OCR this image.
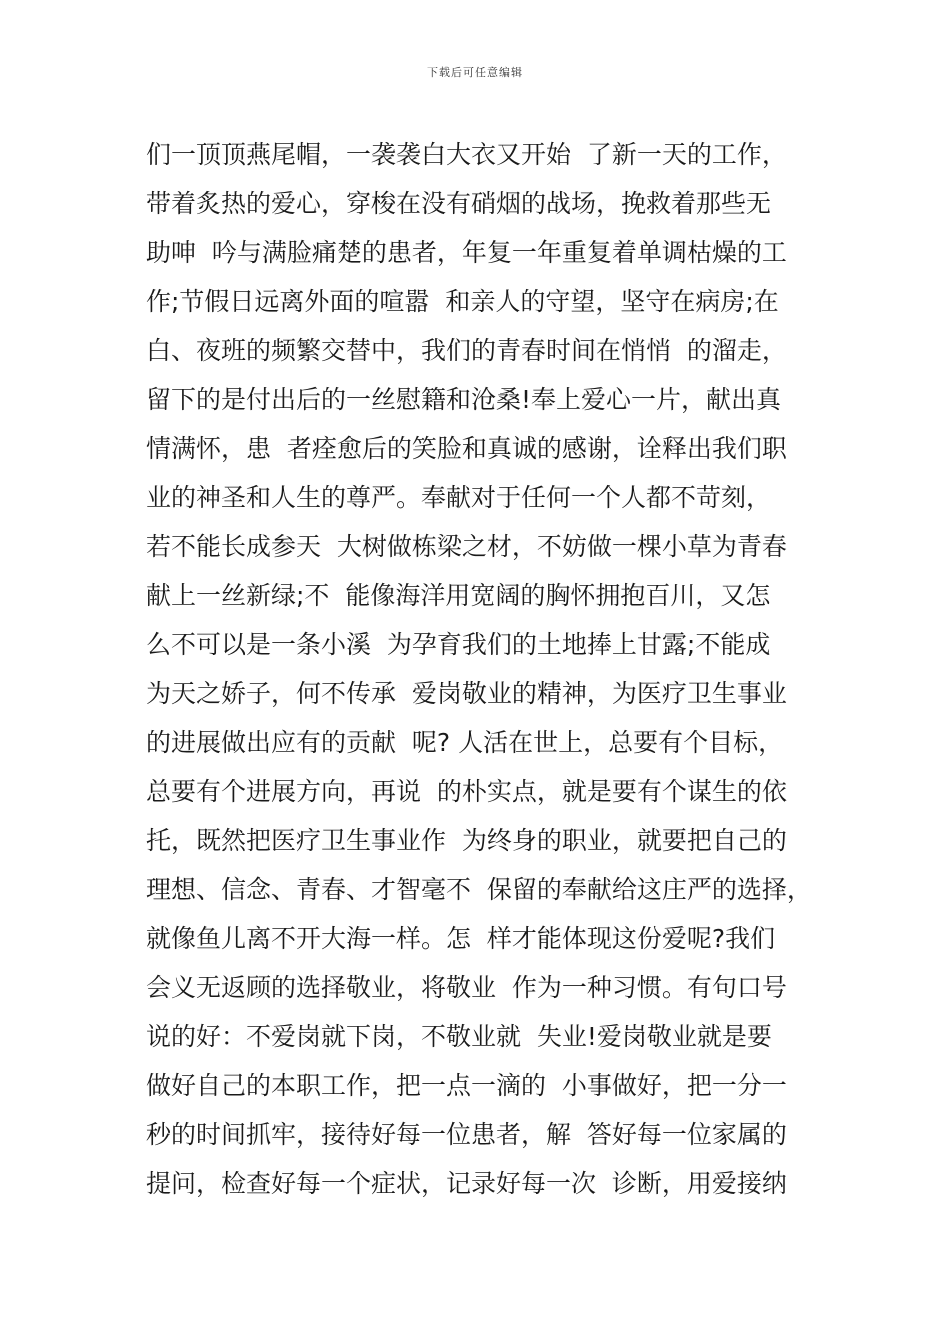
下载后可任意编辑
们一顶顶燕尾帽，一袭袭白大衣又开始  了新一天的工作，
带着炙热的爱心，穿梭在没有硝烟的战场，挽救着那些无
助呻  吟与满脸痛楚的患者，年复一年重复着单调枯燥的工
作;节假日远离外面的喧嚣  和亲人的守望，坚守在病房;在
白、夜班的频繁交替中，我们的青春时间在悄悄  的溜走，
留下的是付出后的一丝慰籍和沧桑!奉上爱心一片，献出真
情满怀，患  者痊愈后的笑脸和真诚的感谢，诠释出我们职
业的神圣和人生的尊严。奉献对于任何一个人都不苛刻，
若不能长成参天  大树做栋梁之材，不妨做一棵小草为青春
献上一丝新绿;不  能像海洋用宽阔的胸怀拥抱百川，又怎
么不可以是一条小溪  为孕育我们的土地捧上甘露;不能成
为天之娇子，何不传承  爱岗敬业的精神，为医疗卫生事业
的进展做出应有的贡献  呢? 人活在世上，总要有个目标，
总要有个进展方向，再说  的朴实点，就是要有个谋生的依
托，既然把医疗卫生事业作  为终身的职业，就要把自己的
理想、信念、青春、才智毫不  保留的奉献给这庄严的选择，
就像鱼儿离不开大海一样。怎  样才能体现这份爱呢?我们
会义无返顾的选择敬业，将敬业  作为一种习惯。有句口号
说的好：不爱岗就下岗，不敬业就  失业!爱岗敬业就是要
做好自己的本职工作，把一点一滴的  小事做好，把一分一
秒的时间抓牢，接待好每一位患者，解  答好每一位家属的
提问，检查好每一个症状，记录好每一次  诊断，用爱接纳
